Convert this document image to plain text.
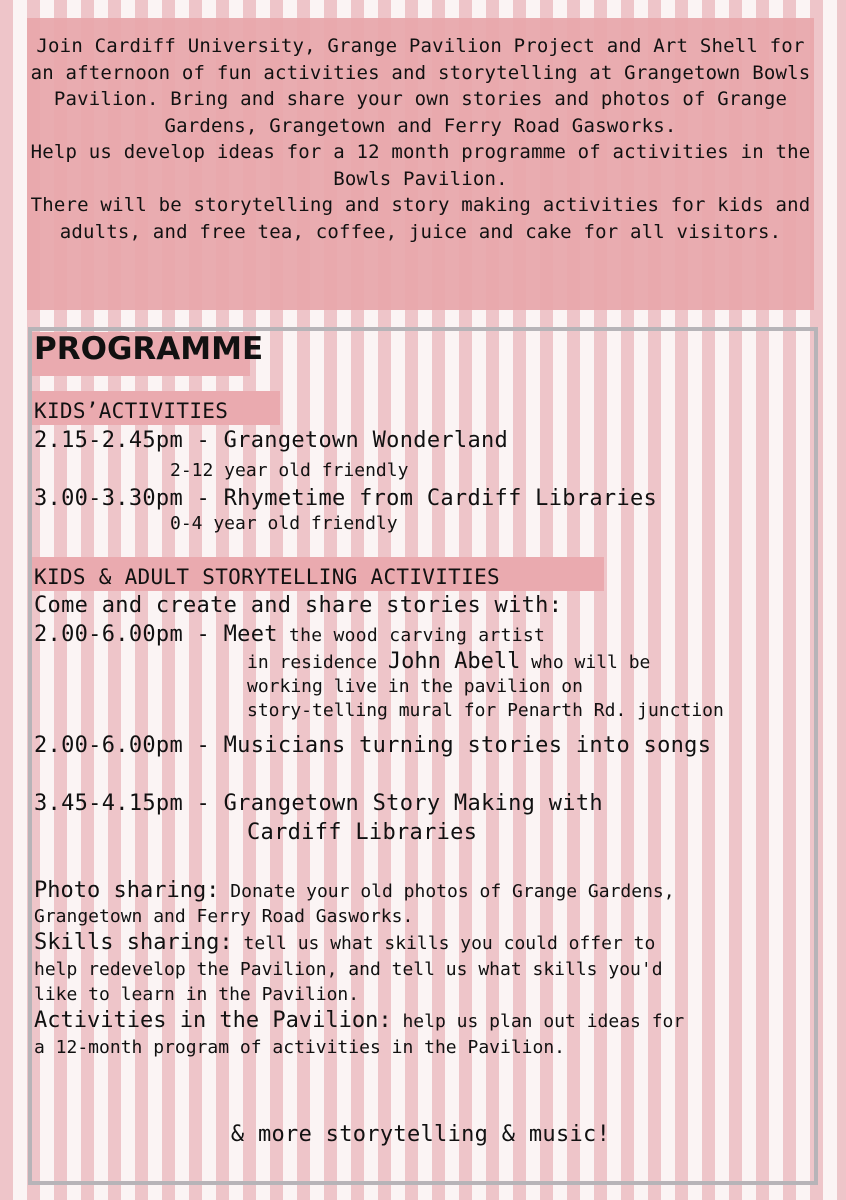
Join Cardiff University, Grange Pavilion Project and Art Shell for an afternoon of fun activities and storytelling at Grangetown Bowls Pavilion. Bring and share your own stories and photos of Grange Gardens, Grangetown and Ferry Road Gasworks.

Help us develop ideas for a 12 month programme of activities in the Bowls Pavilion.

There will be storytelling and story making activities for kids and adults, and free tea, coffee, juice and cake for all visitors.

PROGRAMME
KIDS’ACTIVITIES
2.15-2.45pm - Grangetown Wonderland
2-12 year old friendly
3.00-3.30pm - Rhymetime from Cardiff Libraries
0-4 year old friendly
KIDS & ADULT STORYTELLING ACTIVITIES
Come and create and share stories with:
2.00-6.00pm - Meet the wood carving artist
in residence John Abell who will be
working live in the pavilion on
story-telling mural for Penarth Rd. junction
2.00-6.00pm - Musicians turning stories into songs
3.45-4.15pm - Grangetown Story Making with
Cardiff Libraries
Photo sharing: Donate your old photos of Grange Gardens,
Grangetown and Ferry Road Gasworks.
Skills sharing: tell us what skills you could offer to
help redevelop the Pavilion, and tell us what skills you'd
like to learn in the Pavilion.
Activities in the Pavilion: help us plan out ideas for
a 12-month program of activities in the Pavilion.
& more storytelling & music!
